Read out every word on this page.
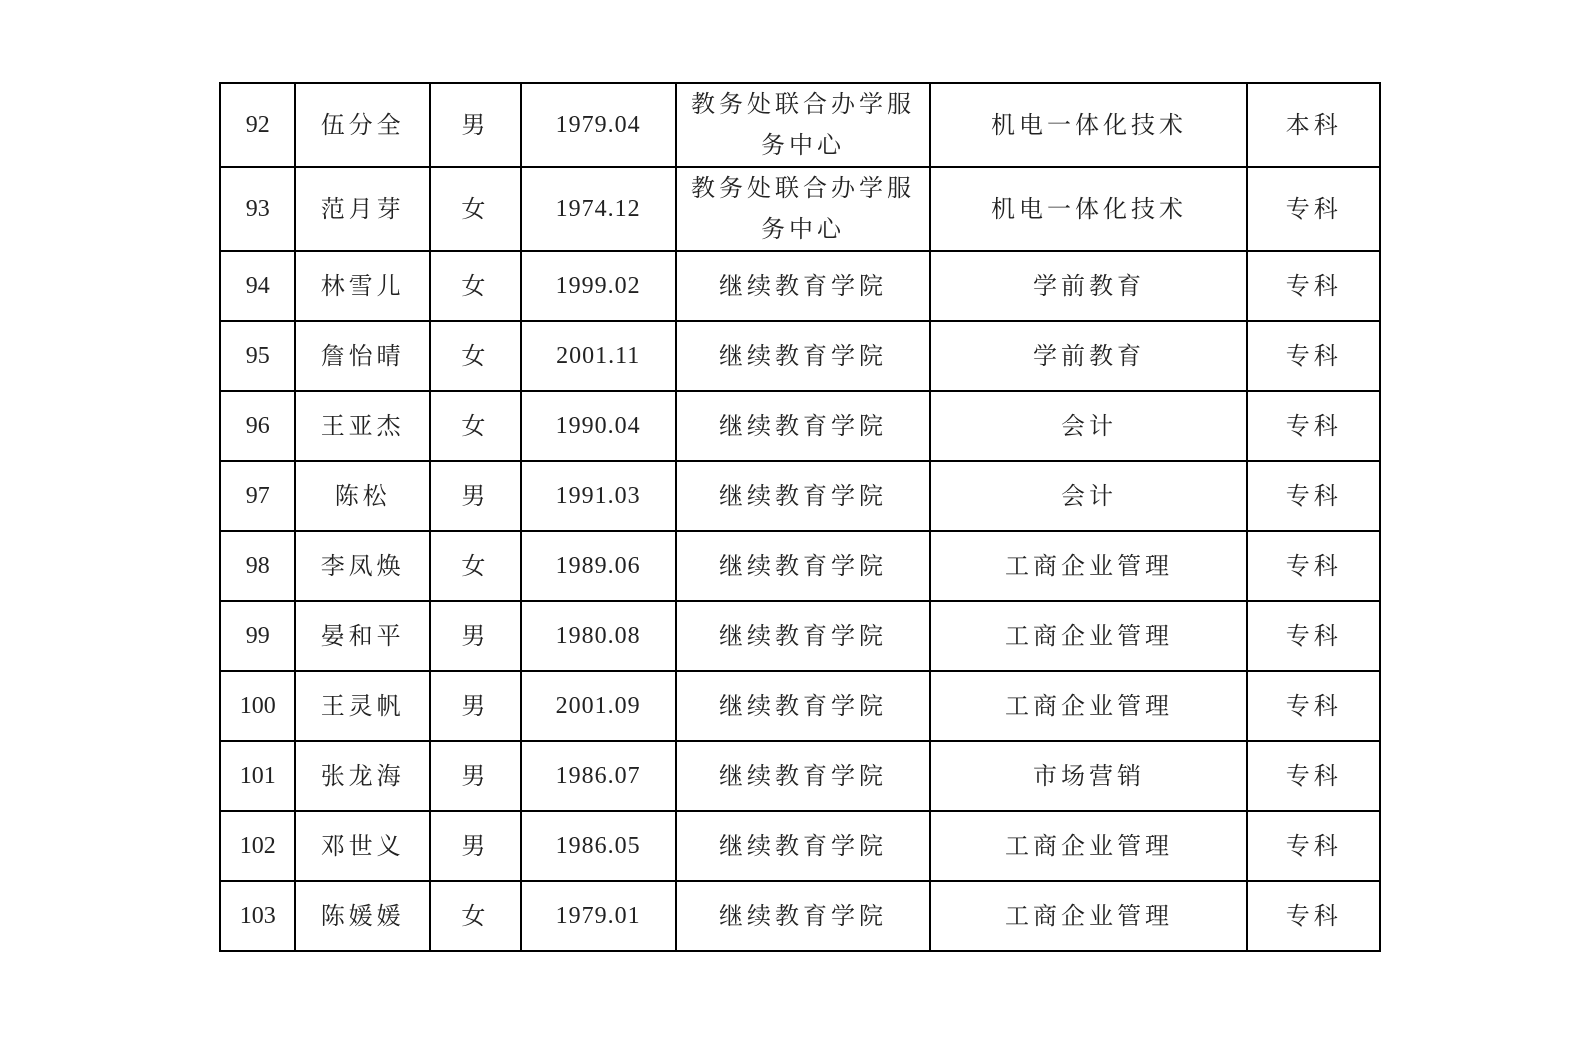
92	伍分全	男	1979.04	教务处联合办学服务中心	机电一体化技术	本科
93	范月芽	女	1974.12	教务处联合办学服务中心	机电一体化技术	专科
94	林雪儿	女	1999.02	继续教育学院	学前教育	专科
95	詹怡晴	女	2001.11	继续教育学院	学前教育	专科
96	王亚杰	女	1990.04	继续教育学院	会计	专科
97	陈松	男	1991.03	继续教育学院	会计	专科
98	李凤焕	女	1989.06	继续教育学院	工商企业管理	专科
99	晏和平	男	1980.08	继续教育学院	工商企业管理	专科
100	王灵帆	男	2001.09	继续教育学院	工商企业管理	专科
101	张龙海	男	1986.07	继续教育学院	市场营销	专科
102	邓世义	男	1986.05	继续教育学院	工商企业管理	专科
103	陈媛媛	女	1979.01	继续教育学院	工商企业管理	专科
